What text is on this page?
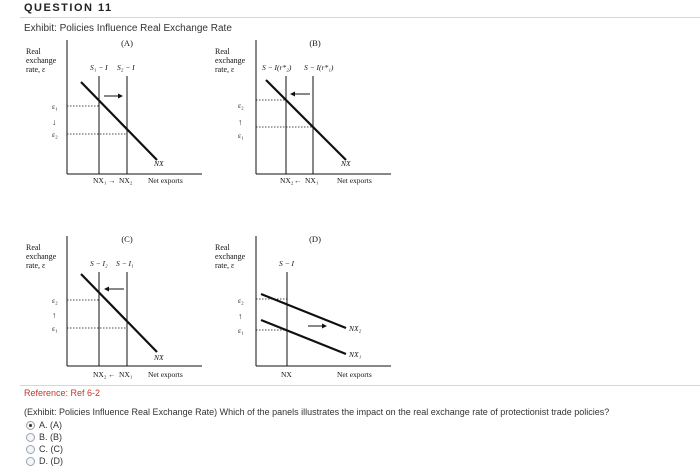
QUESTION 11
Exhibit: Policies Influence Real Exchange Rate
(A)
Real
exchange
rate, ε	S₁ − I S₂ − I
NX
ε₁
ε₂
↓
NX₁ → NX₂ Net exports
(B)
Real
exchange
rate, ε	S − I(r*₂) S − I(r*₁)
NX
ε₂
ε₁
↑
NX₂ ← NX₁ Net exports
(C)
Real
exchange
rate, ε	S − I₂ S − I₁
NX
ε₂
ε₁
↑
NX₂ ← NX₁ Net exports
(D)
Real
exchange
rate, ε	S − I
NX₂
NX₁
ε₂
ε₁
↑
NX	Net exports
Reference: Ref 6-2
(Exhibit: Policies Influence Real Exchange Rate) Which of the panels illustrates the impact on the real exchange rate of protectionist trade policies?
A. (A)
B. (B)
C. (C)
D. (D)
